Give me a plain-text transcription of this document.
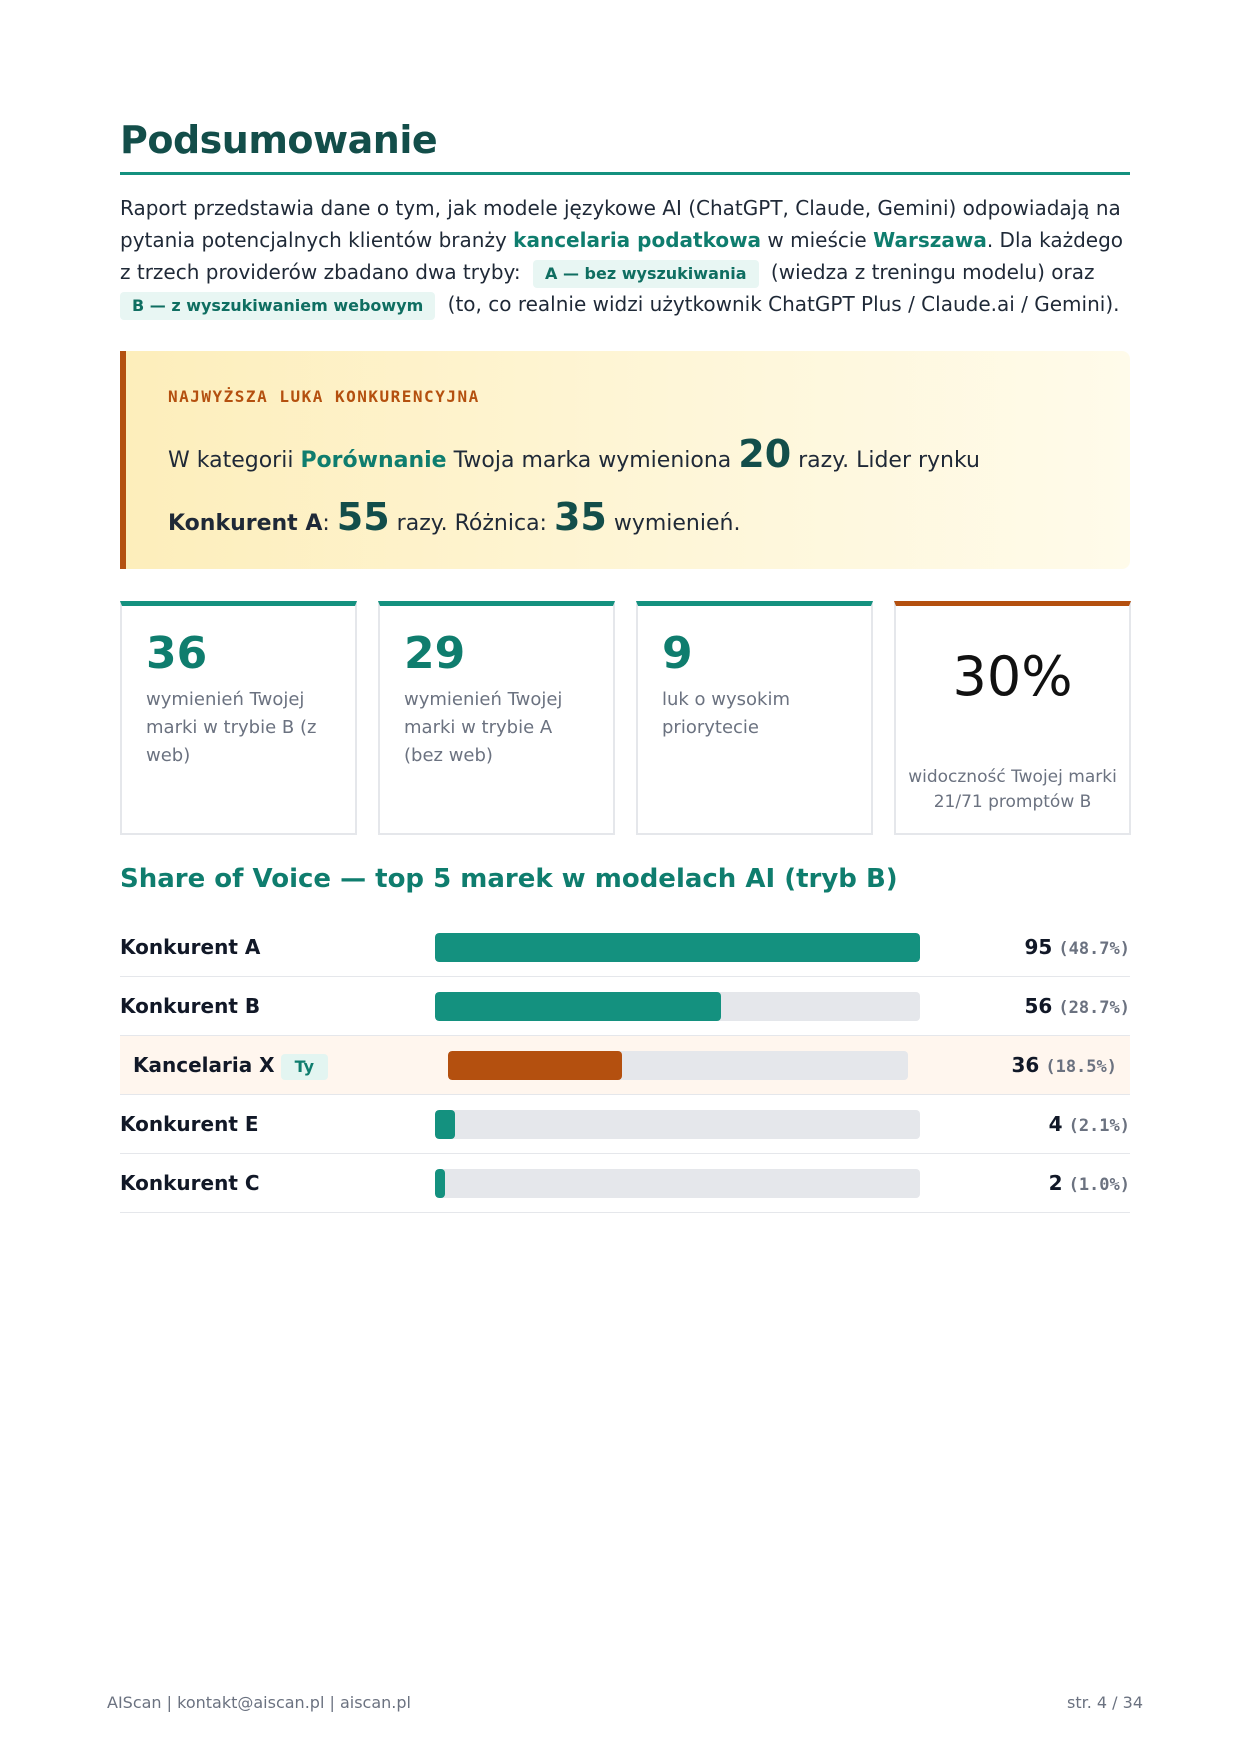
Podsumowanie

Raport przedstawia dane o tym, jak modele językowe AI (ChatGPT, Claude, Gemini) odpowiadają na pytania potencjalnych klientów branży kancelaria podatkowa w mieście Warszawa. Dla każdego z trzech providerów zbadano dwa tryby: A — bez wyszukiwania (wiedza z treningu modelu) oraz B — z wyszukiwaniem webowym (to, co realnie widzi użytkownik ChatGPT Plus / Claude.ai / Gemini).

NAJWYŻSZA LUKA KONKURENCYJNA

W kategorii Porównanie Twoja marka wymieniona 20 razy. Lider rynku Konkurent A: 55 razy. Różnica: 35 wymienień.

36
wymienień Twojej marki w trybie B (z web)
29
wymienień Twojej marki w trybie A (bez web)
9
luk o wysokim priorytecie
30%
widoczność Twojej marki 21/71 promptów B
Share of Voice — top 5 marek w modelach AI (tryb B)
Konkurent A	95 (48.7%)
Konkurent B	56 (28.7%)
Kancelaria X Ty	36 (18.5%)
Konkurent E	4 (2.1%)
Konkurent C	2 (1.0%)
AIScan | kontakt@aiscan.pl | aiscan.pl	str. 4 / 34
